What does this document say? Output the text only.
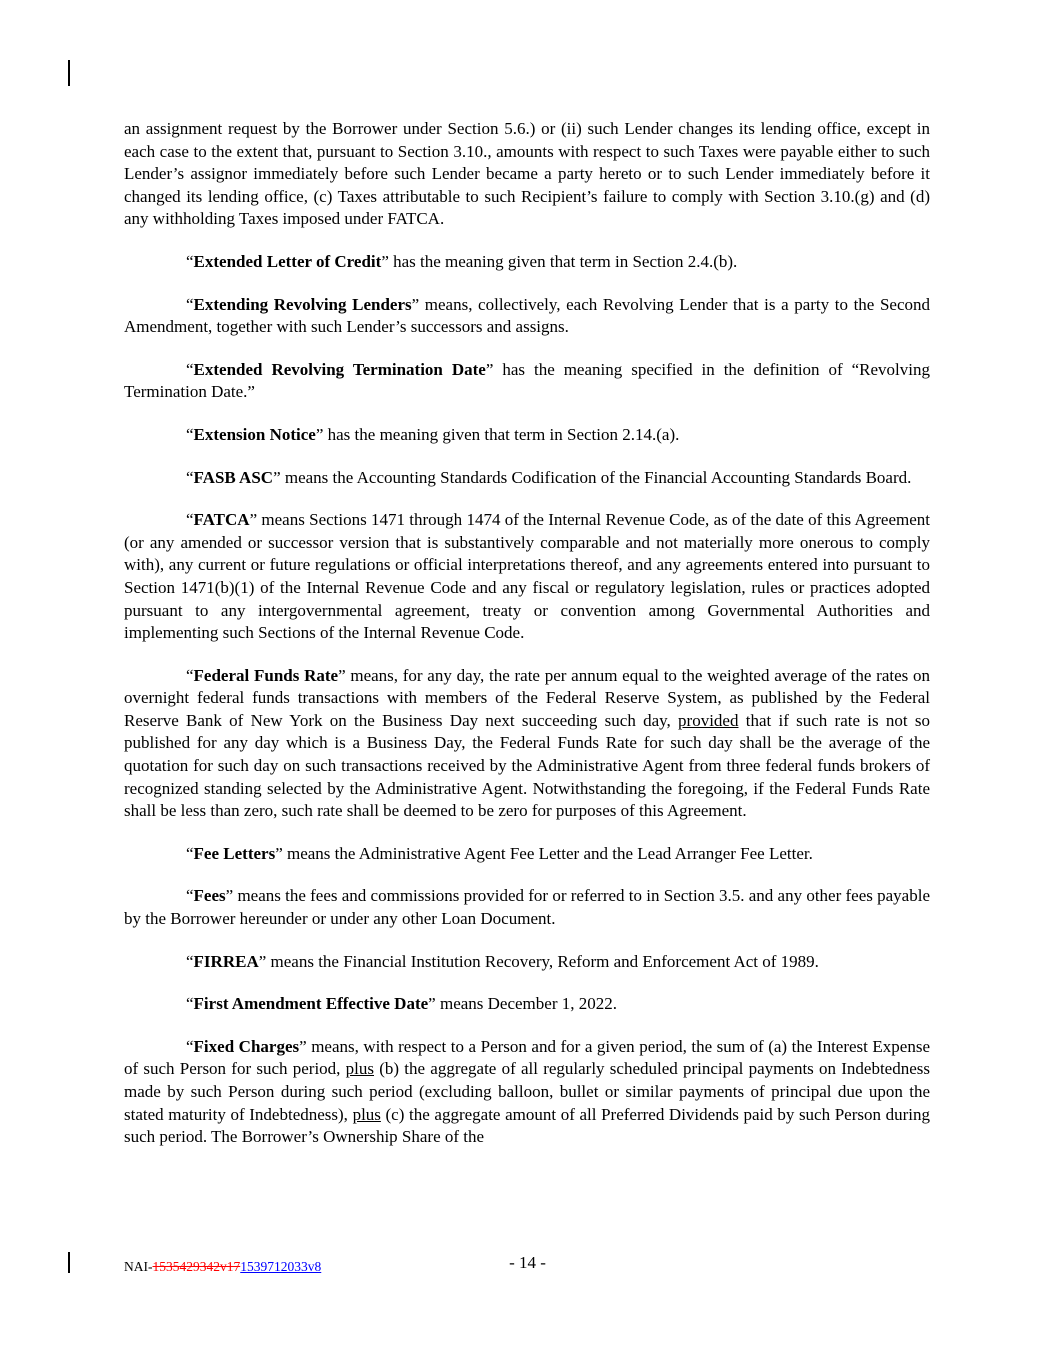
an assignment request by the Borrower under Section 5.6.) or (ii) such Lender changes its lending office, except in each case to the extent that, pursuant to Section 3.10., amounts with respect to such Taxes were payable either to such Lender’s assignor immediately before such Lender became a party hereto or to such Lender immediately before it changed its lending office, (c) Taxes attributable to such Recipient’s failure to comply with Section 3.10.(g) and (d) any withholding Taxes imposed under FATCA.

“Extended Letter of Credit” has the meaning given that term in Section 2.4.(b).

“Extending Revolving Lenders” means, collectively, each Revolving Lender that is a party to the Second Amendment, together with such Lender’s successors and assigns.

“Extended Revolving Termination Date” has the meaning specified in the definition of “Revolving Termination Date.”

“Extension Notice” has the meaning given that term in Section 2.14.(a).

“FASB ASC” means the Accounting Standards Codification of the Financial Accounting Standards Board.

“FATCA” means Sections 1471 through 1474 of the Internal Revenue Code, as of the date of this Agreement (or any amended or successor version that is substantively comparable and not materially more onerous to comply with), any current or future regulations or official interpretations thereof, and any agreements entered into pursuant to Section 1471(b)(1) of the Internal Revenue Code and any fiscal or regulatory legislation, rules or practices adopted pursuant to any intergovernmental agreement, treaty or convention among Governmental Authorities and implementing such Sections of the Internal Revenue Code.

“Federal Funds Rate” means, for any day, the rate per annum equal to the weighted average of the rates on overnight federal funds transactions with members of the Federal Reserve System, as published by the Federal Reserve Bank of New York on the Business Day next succeeding such day, provided that if such rate is not so published for any day which is a Business Day, the Federal Funds Rate for such day shall be the average of the quotation for such day on such transactions received by the Administrative Agent from three federal funds brokers of recognized standing selected by the Administrative Agent. Notwithstanding the foregoing, if the Federal Funds Rate shall be less than zero, such rate shall be deemed to be zero for purposes of this Agreement.

“Fee Letters” means the Administrative Agent Fee Letter and the Lead Arranger Fee Letter.

“Fees” means the fees and commissions provided for or referred to in Section 3.5. and any other fees payable by the Borrower hereunder or under any other Loan Document.

“FIRREA” means the Financial Institution Recovery, Reform and Enforcement Act of 1989.

“First Amendment Effective Date” means December 1, 2022.

“Fixed Charges” means, with respect to a Person and for a given period, the sum of (a) the Interest Expense of such Person for such period, plus (b) the aggregate of all regularly scheduled principal payments on Indebtedness made by such Person during such period (excluding balloon, bullet or similar payments of principal due upon the stated maturity of Indebtedness), plus (c) the aggregate amount of all Preferred Dividends paid by such Person during such period. The Borrower’s Ownership Share of the

- 14 -
NAI-1535429342v171539712033v8
